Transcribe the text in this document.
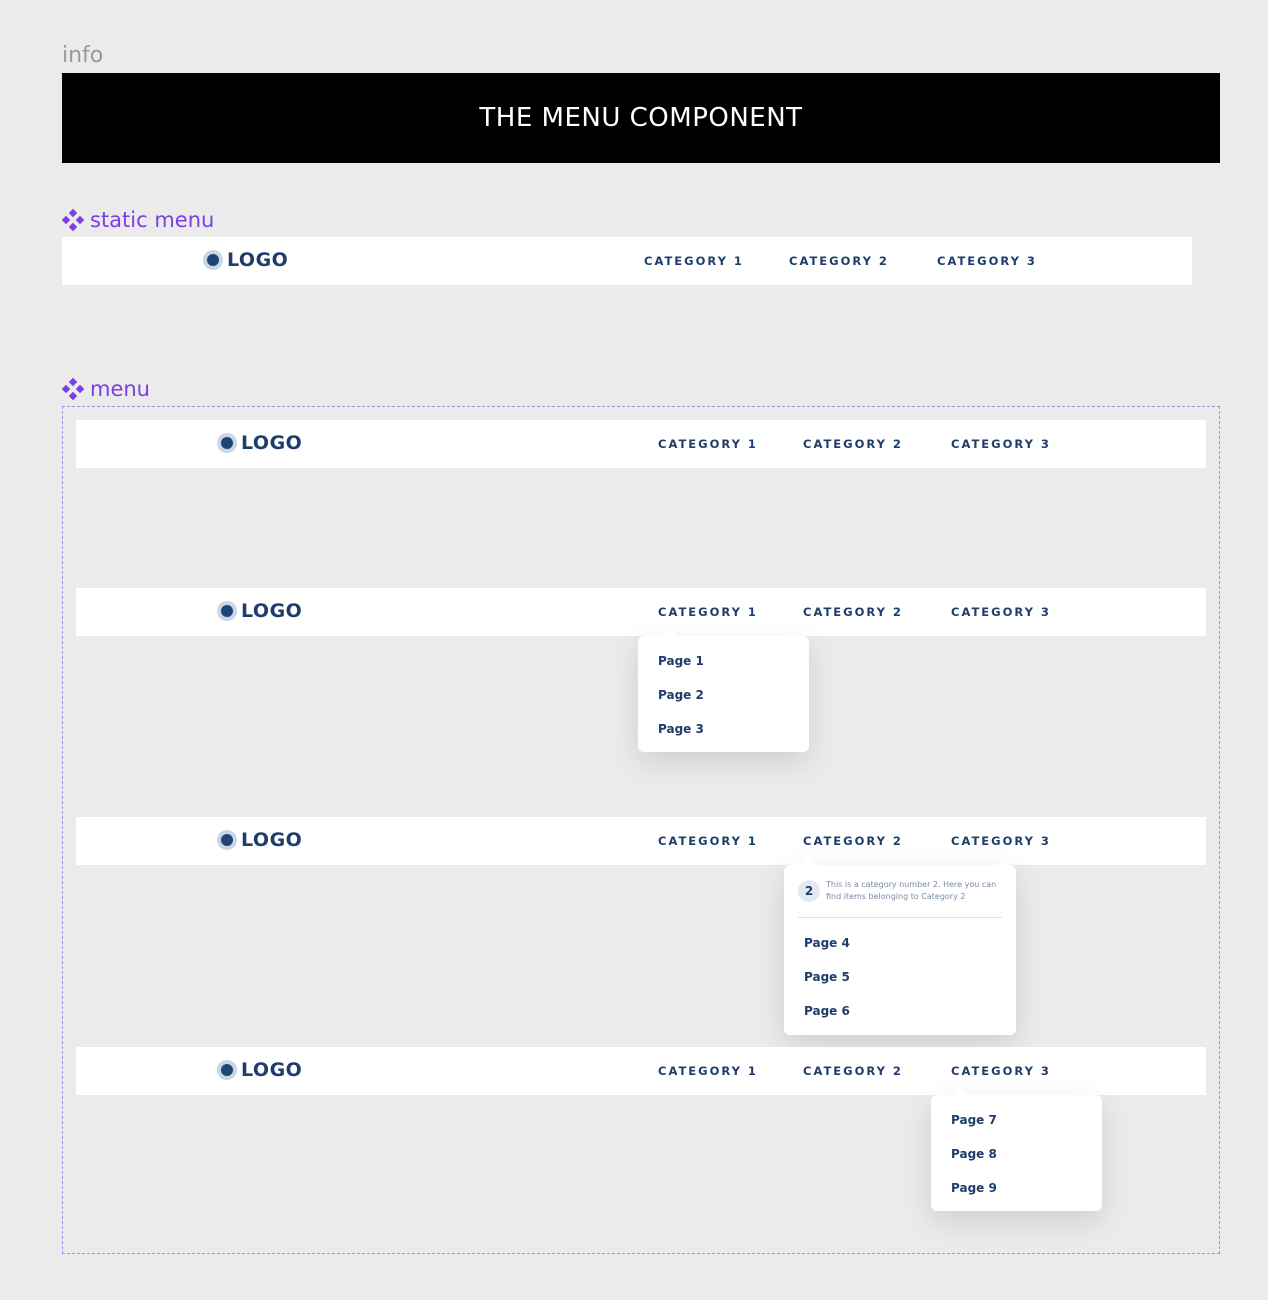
info
THE MENU COMPONENT
static menu
LOGO	CATEGORY 1	CATEGORY 2	CATEGORY 3
menu
LOGO	CATEGORY 1	CATEGORY 2	CATEGORY 3
LOGO	CATEGORY 1	CATEGORY 2	CATEGORY 3
Page 1
Page 2
Page 3
LOGO	CATEGORY 1	CATEGORY 2	CATEGORY 3
2	This is a category number 2. Here you can find items belonging to Category 2
Page 4
Page 5
Page 6
LOGO	CATEGORY 1	CATEGORY 2	CATEGORY 3
Page 7
Page 8
Page 9
